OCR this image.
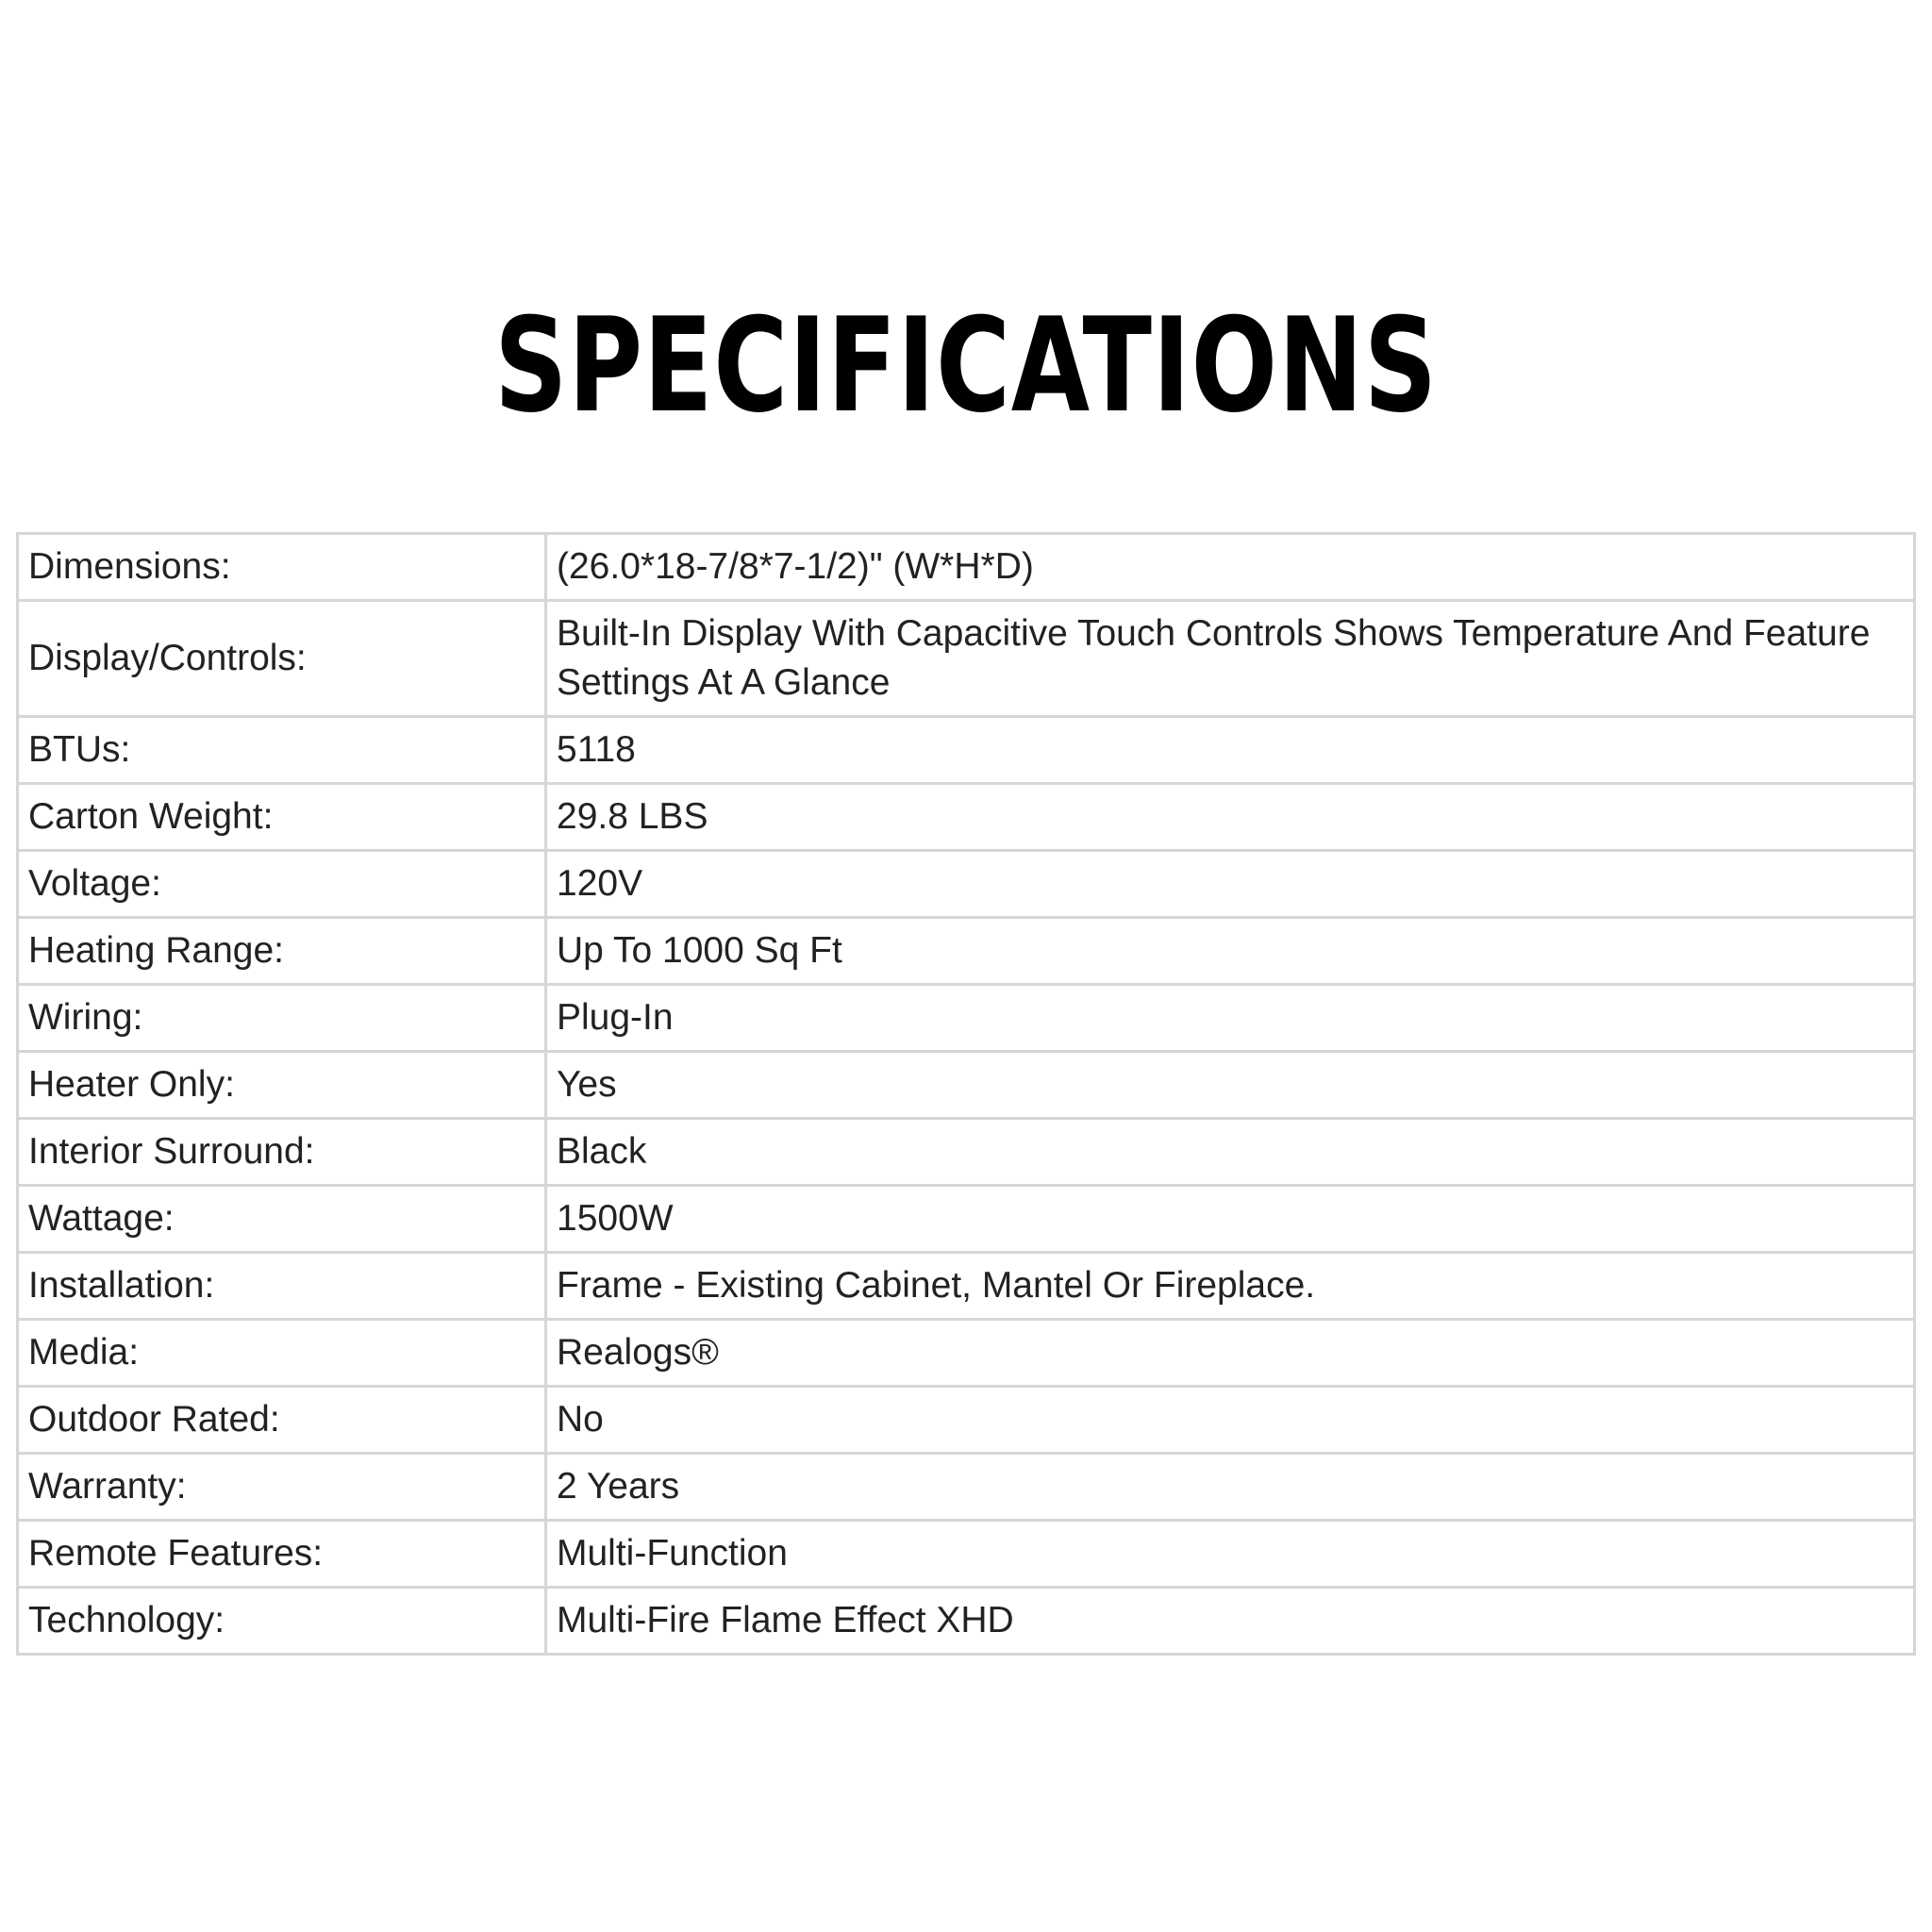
SPECIFICATIONS
Dimensions:	(26.0*18-7/8*7-1/2)" (W*H*D)
Display/Controls:	Built-In Display With Capacitive Touch Controls Shows Temperature And Feature Settings At A Glance
BTUs:	5118
Carton Weight:	29.8 LBS
Voltage:	120V
Heating Range:	Up To 1000 Sq Ft
Wiring:	Plug-In
Heater Only:	Yes
Interior Surround:	Black
Wattage:	1500W
Installation:	Frame - Existing Cabinet, Mantel Or Fireplace.
Media:	Realogs®
Outdoor Rated:	No
Warranty:	2 Years
Remote Features:	Multi-Function
Technology:	Multi-Fire Flame Effect XHD
